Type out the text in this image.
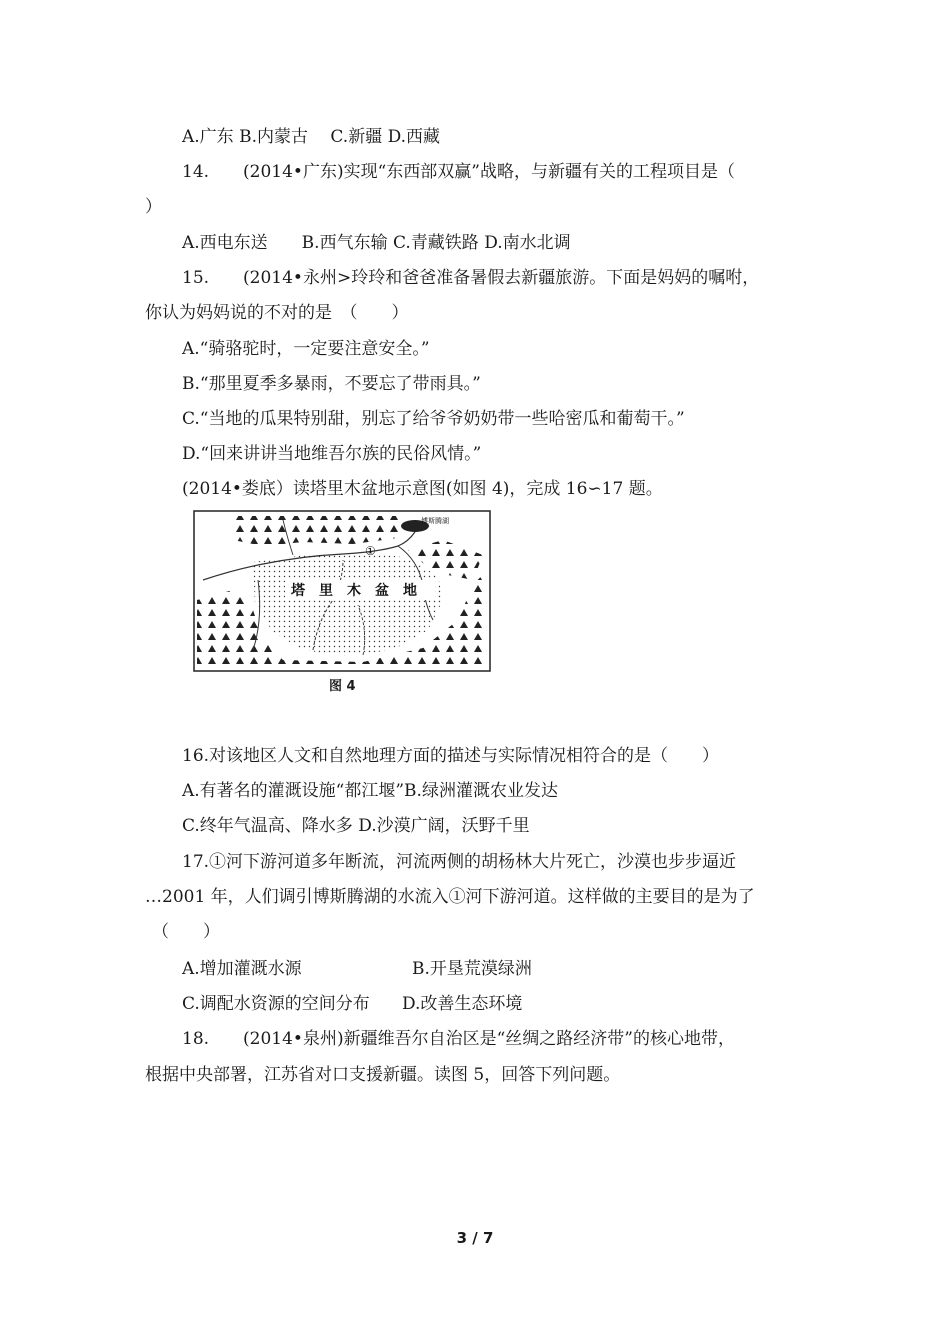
A.广东 B.内蒙古 　C.新疆 D.西藏
14.　　(2014•广东)实现“东西部双赢”战略，与新疆有关的工程项目是（
）
A.西电东送　　B.西气东输 C.青藏铁路 D.南水北调
15.　　(2014•永州>玲玲和爸爸准备暑假去新疆旅游。下面是妈妈的嘱咐，
你认为妈妈说的不对的是　（　　）
A.“骑骆驼时，一定要注意安全。”
B.“那里夏季多暴雨，不要忘了带雨具。”
C.“当地的瓜果特别甜，别忘了给爷爷奶奶带一些哈密瓜和葡萄干。”
D.“回来讲讲当地维吾尔族的民俗风情。”
(2014•娄底）读塔里木盆地示意图(如图 4)，完成 16∽17 题。
博斯腾湖
①
塔　里　木　盆　地
图 4
16.对该地区人文和自然地理方面的描述与实际情况相符合的是（　　）
A.有著名的灌溉设施“都江堰”B.绿洲灌溉农业发达
C.终年气温高、降水多 D.沙漠广阔，沃野千里
17.①河下游河道多年断流，河流两侧的胡杨林大片死亡，沙漠也步步逼近
…2001 年，人们调引博斯腾湖的水流入①河下游河道。这样做的主要目的是为了
（　　）
A.增加灌溉水源	B.开垦荒漠绿洲
C.调配水资源的空间分布 D.改善生态环境
18.　　(2014•泉州)新疆维吾尔自治区是“丝绸之路经济带”的核心地带，
根据中央部署，江苏省对口支援新疆。读图 5，回答下列问题。
3 / 7
